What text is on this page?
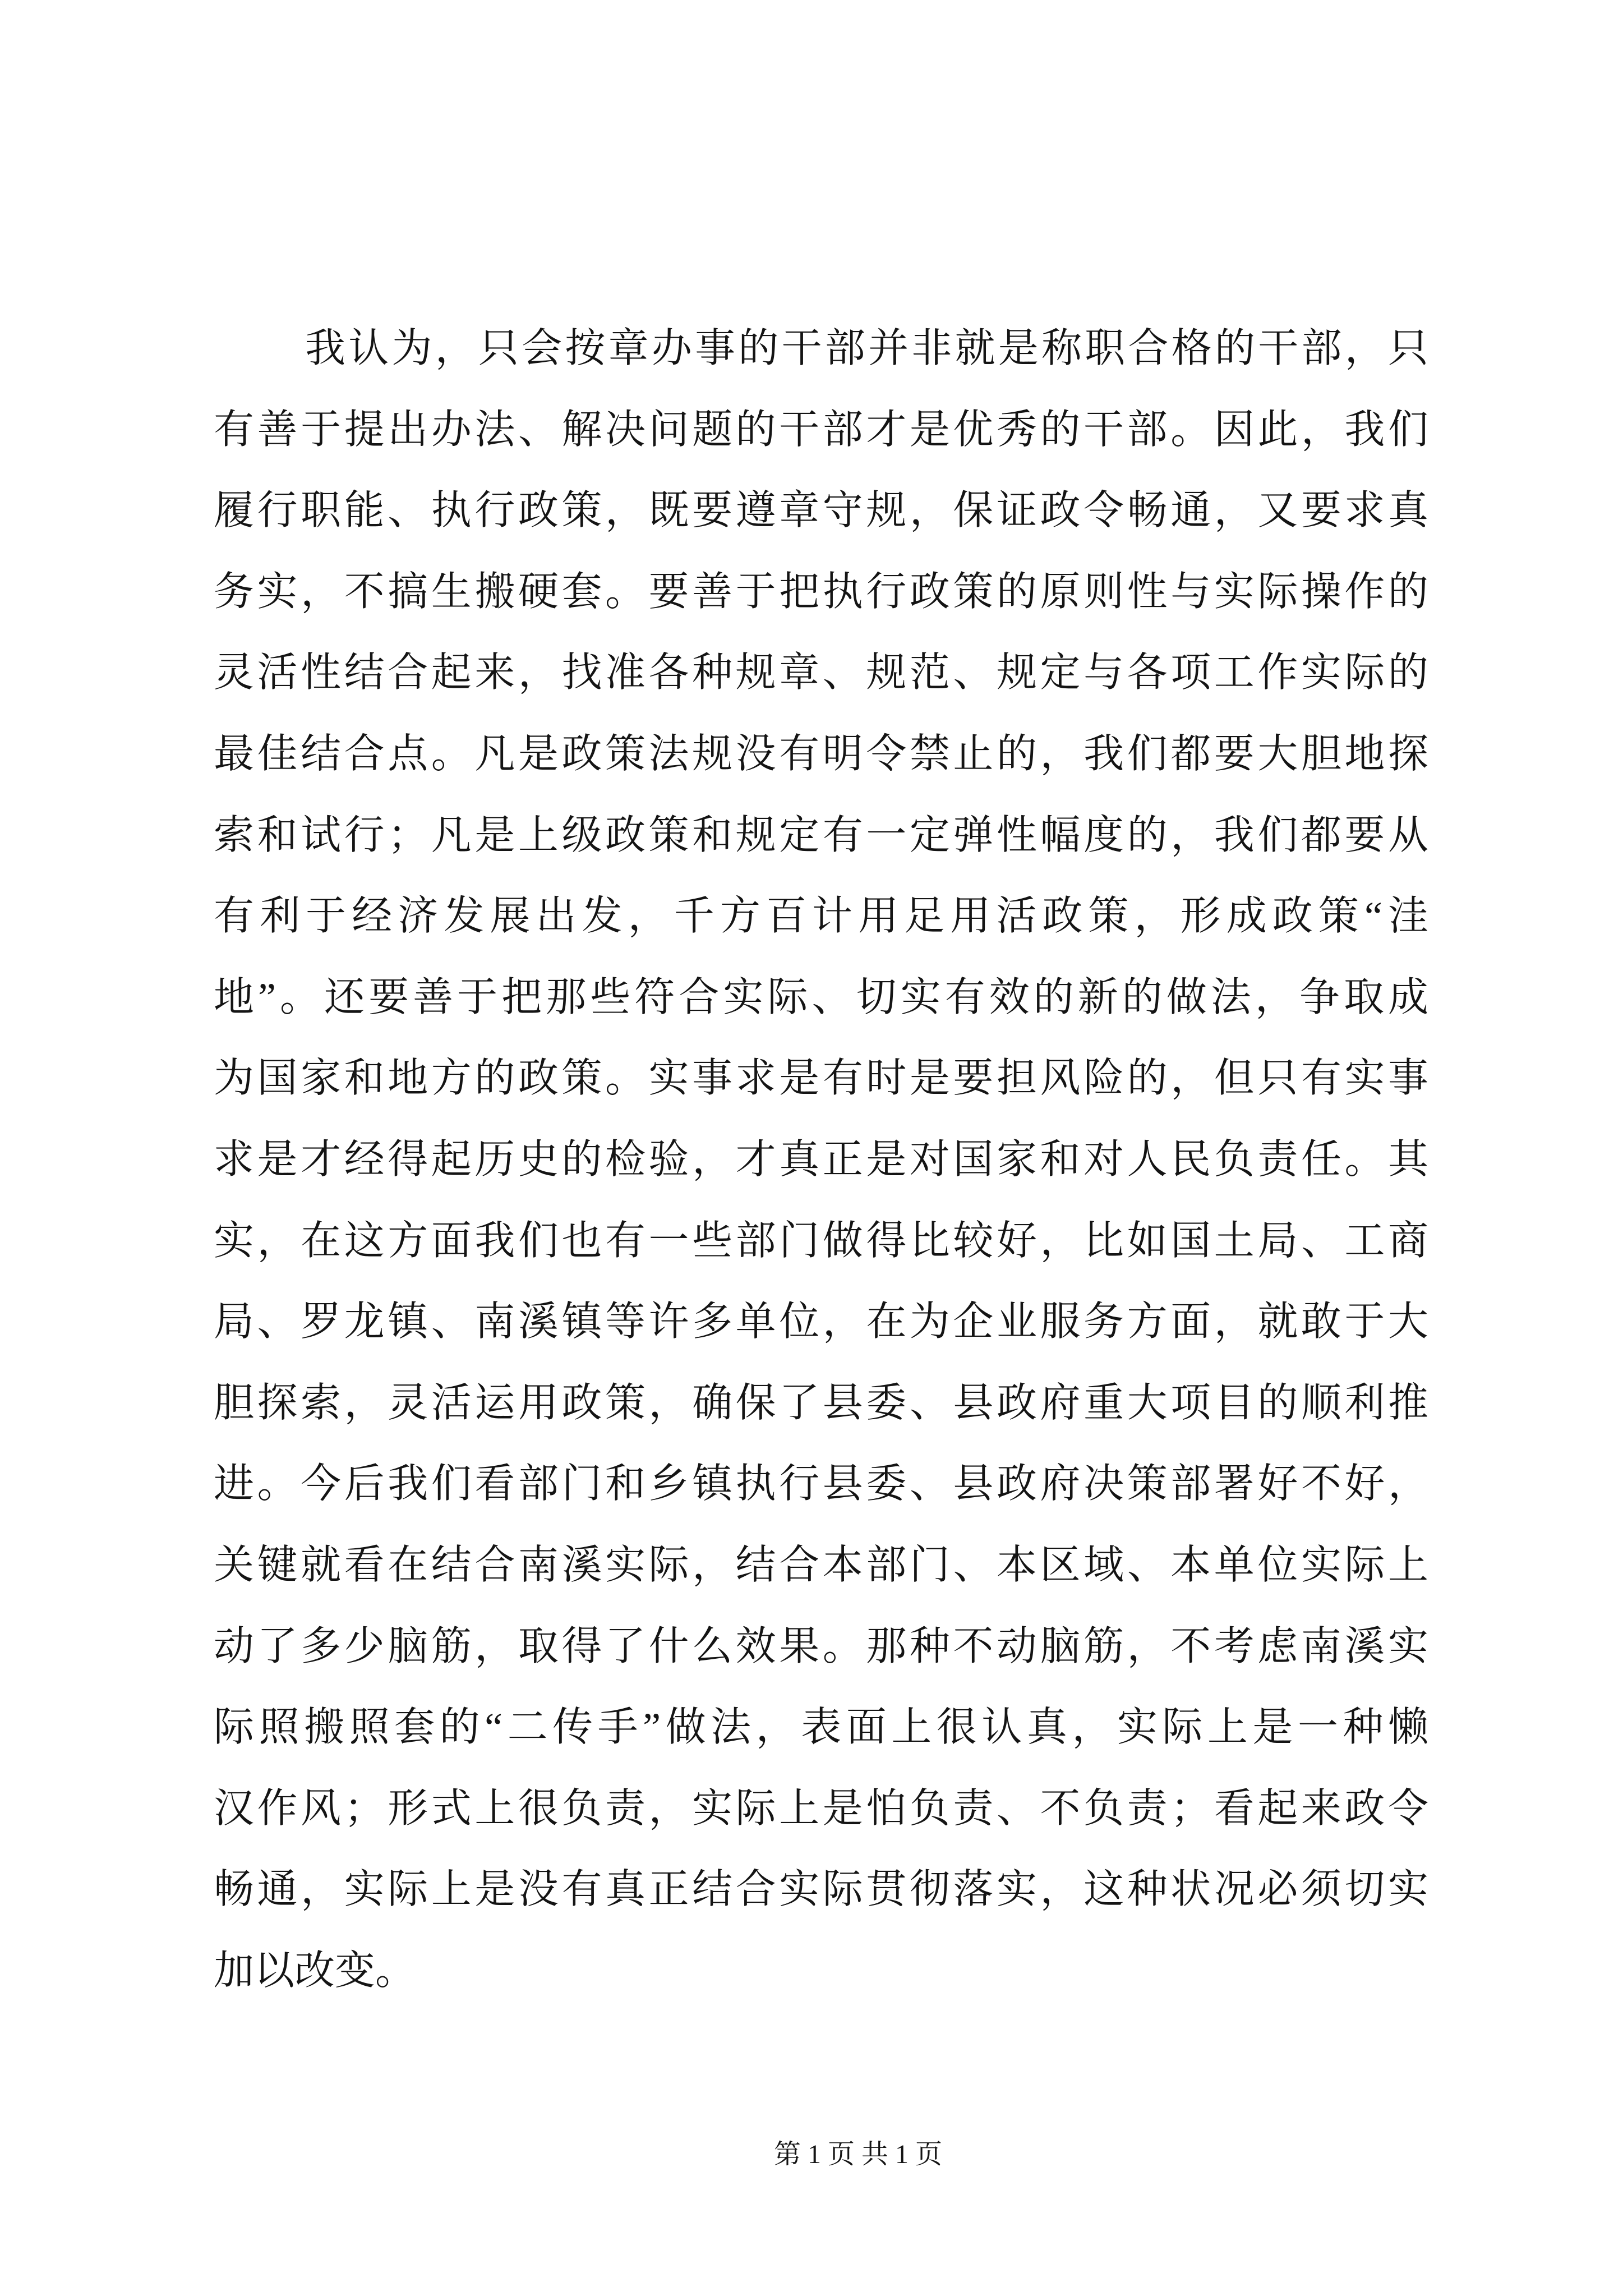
我认为，只会按章办事的干部并非就是称职合格的干部，只
有善于提出办法、解决问题的干部才是优秀的干部。因此，我们
履行职能、执行政策，既要遵章守规，保证政令畅通，又要求真
务实，不搞生搬硬套。要善于把执行政策的原则性与实际操作的
灵活性结合起来，找准各种规章、规范、规定与各项工作实际的
最佳结合点。凡是政策法规没有明令禁止的，我们都要大胆地探
索和试行；凡是上级政策和规定有一定弹性幅度的，我们都要从
有利于经济发展出发，千方百计用足用活政策，形成政策“洼
地”。还要善于把那些符合实际、切实有效的新的做法，争取成
为国家和地方的政策。实事求是有时是要担风险的，但只有实事
求是才经得起历史的检验，才真正是对国家和对人民负责任。其
实，在这方面我们也有一些部门做得比较好，比如国土局、工商
局、罗龙镇、南溪镇等许多单位，在为企业服务方面，就敢于大
胆探索，灵活运用政策，确保了县委、县政府重大项目的顺利推
进。今后我们看部门和乡镇执行县委、县政府决策部署好不好，
关键就看在结合南溪实际，结合本部门、本区域、本单位实际上
动了多少脑筋，取得了什么效果。那种不动脑筋，不考虑南溪实
际照搬照套的“二传手”做法，表面上很认真，实际上是一种懒
汉作风；形式上很负责，实际上是怕负责、不负责；看起来政令
畅通，实际上是没有真正结合实际贯彻落实，这种状况必须切实
加以改变。
第 1 页 共 1 页
